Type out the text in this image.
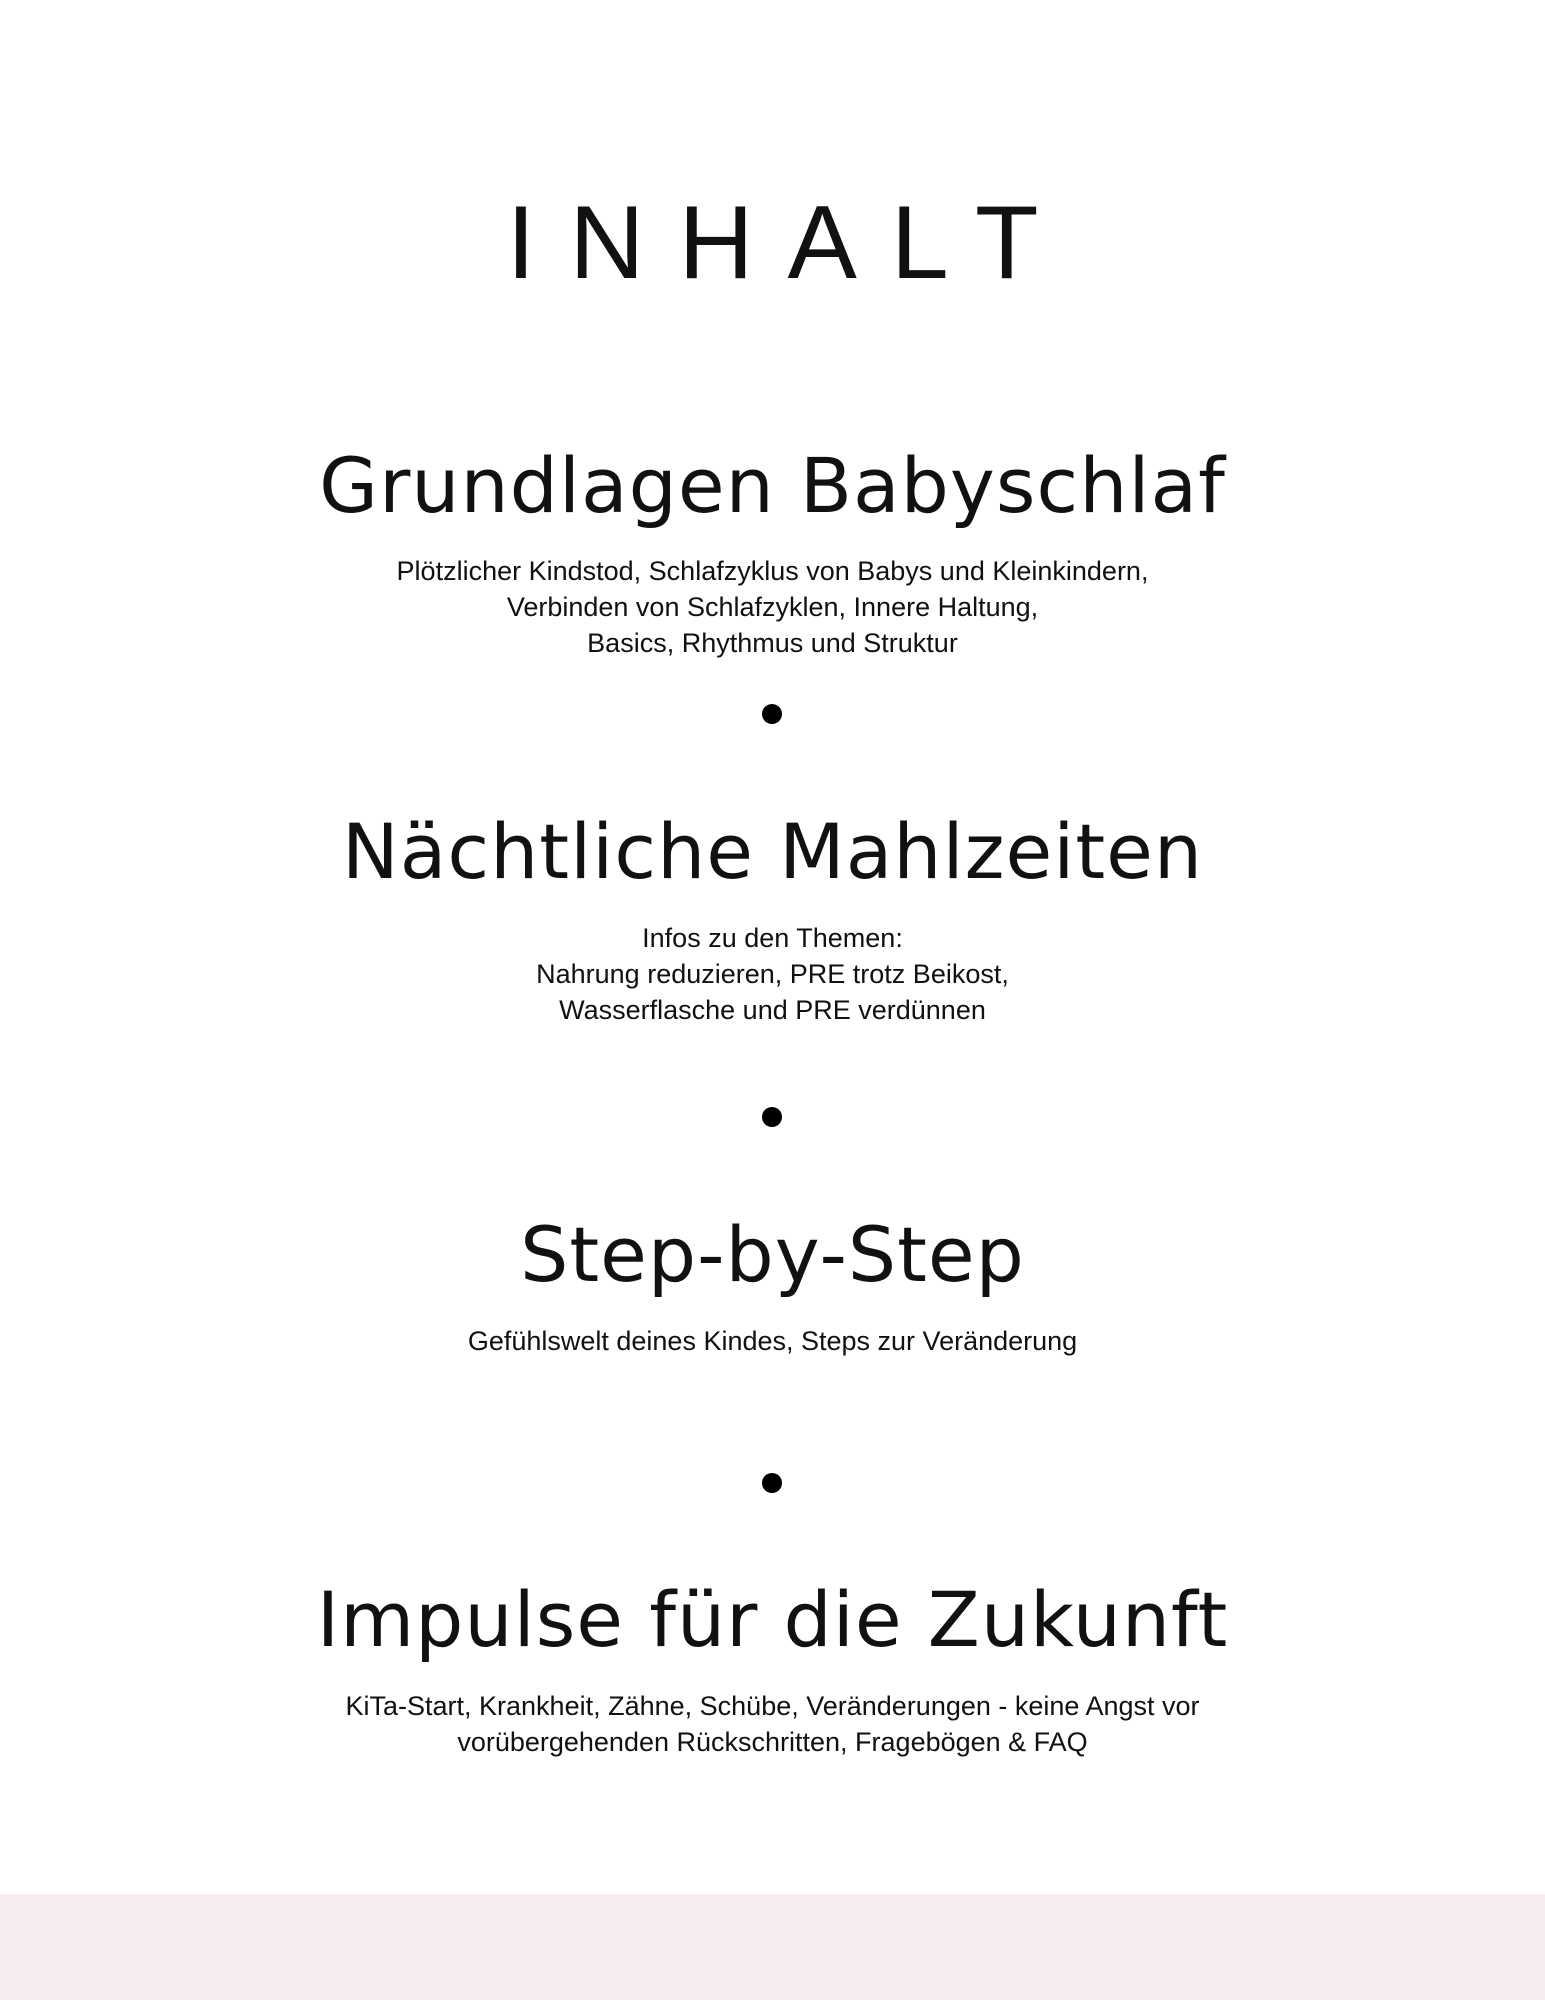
INHALT
Grundlagen Babyschlaf
Plötzlicher Kindstod, Schlafzyklus von Babys und Kleinkindern,
Verbinden von Schlafzyklen, Innere Haltung,
Basics, Rhythmus und Struktur
Nächtliche Mahlzeiten
Infos zu den Themen:
Nahrung reduzieren, PRE trotz Beikost,
Wasserflasche und PRE verdünnen
Step-by-Step
Gefühlswelt deines Kindes, Steps zur Veränderung
Impulse für die Zukunft
KiTa-Start, Krankheit, Zähne, Schübe, Veränderungen - keine Angst vor
vorübergehenden Rückschritten, Fragebögen & FAQ
